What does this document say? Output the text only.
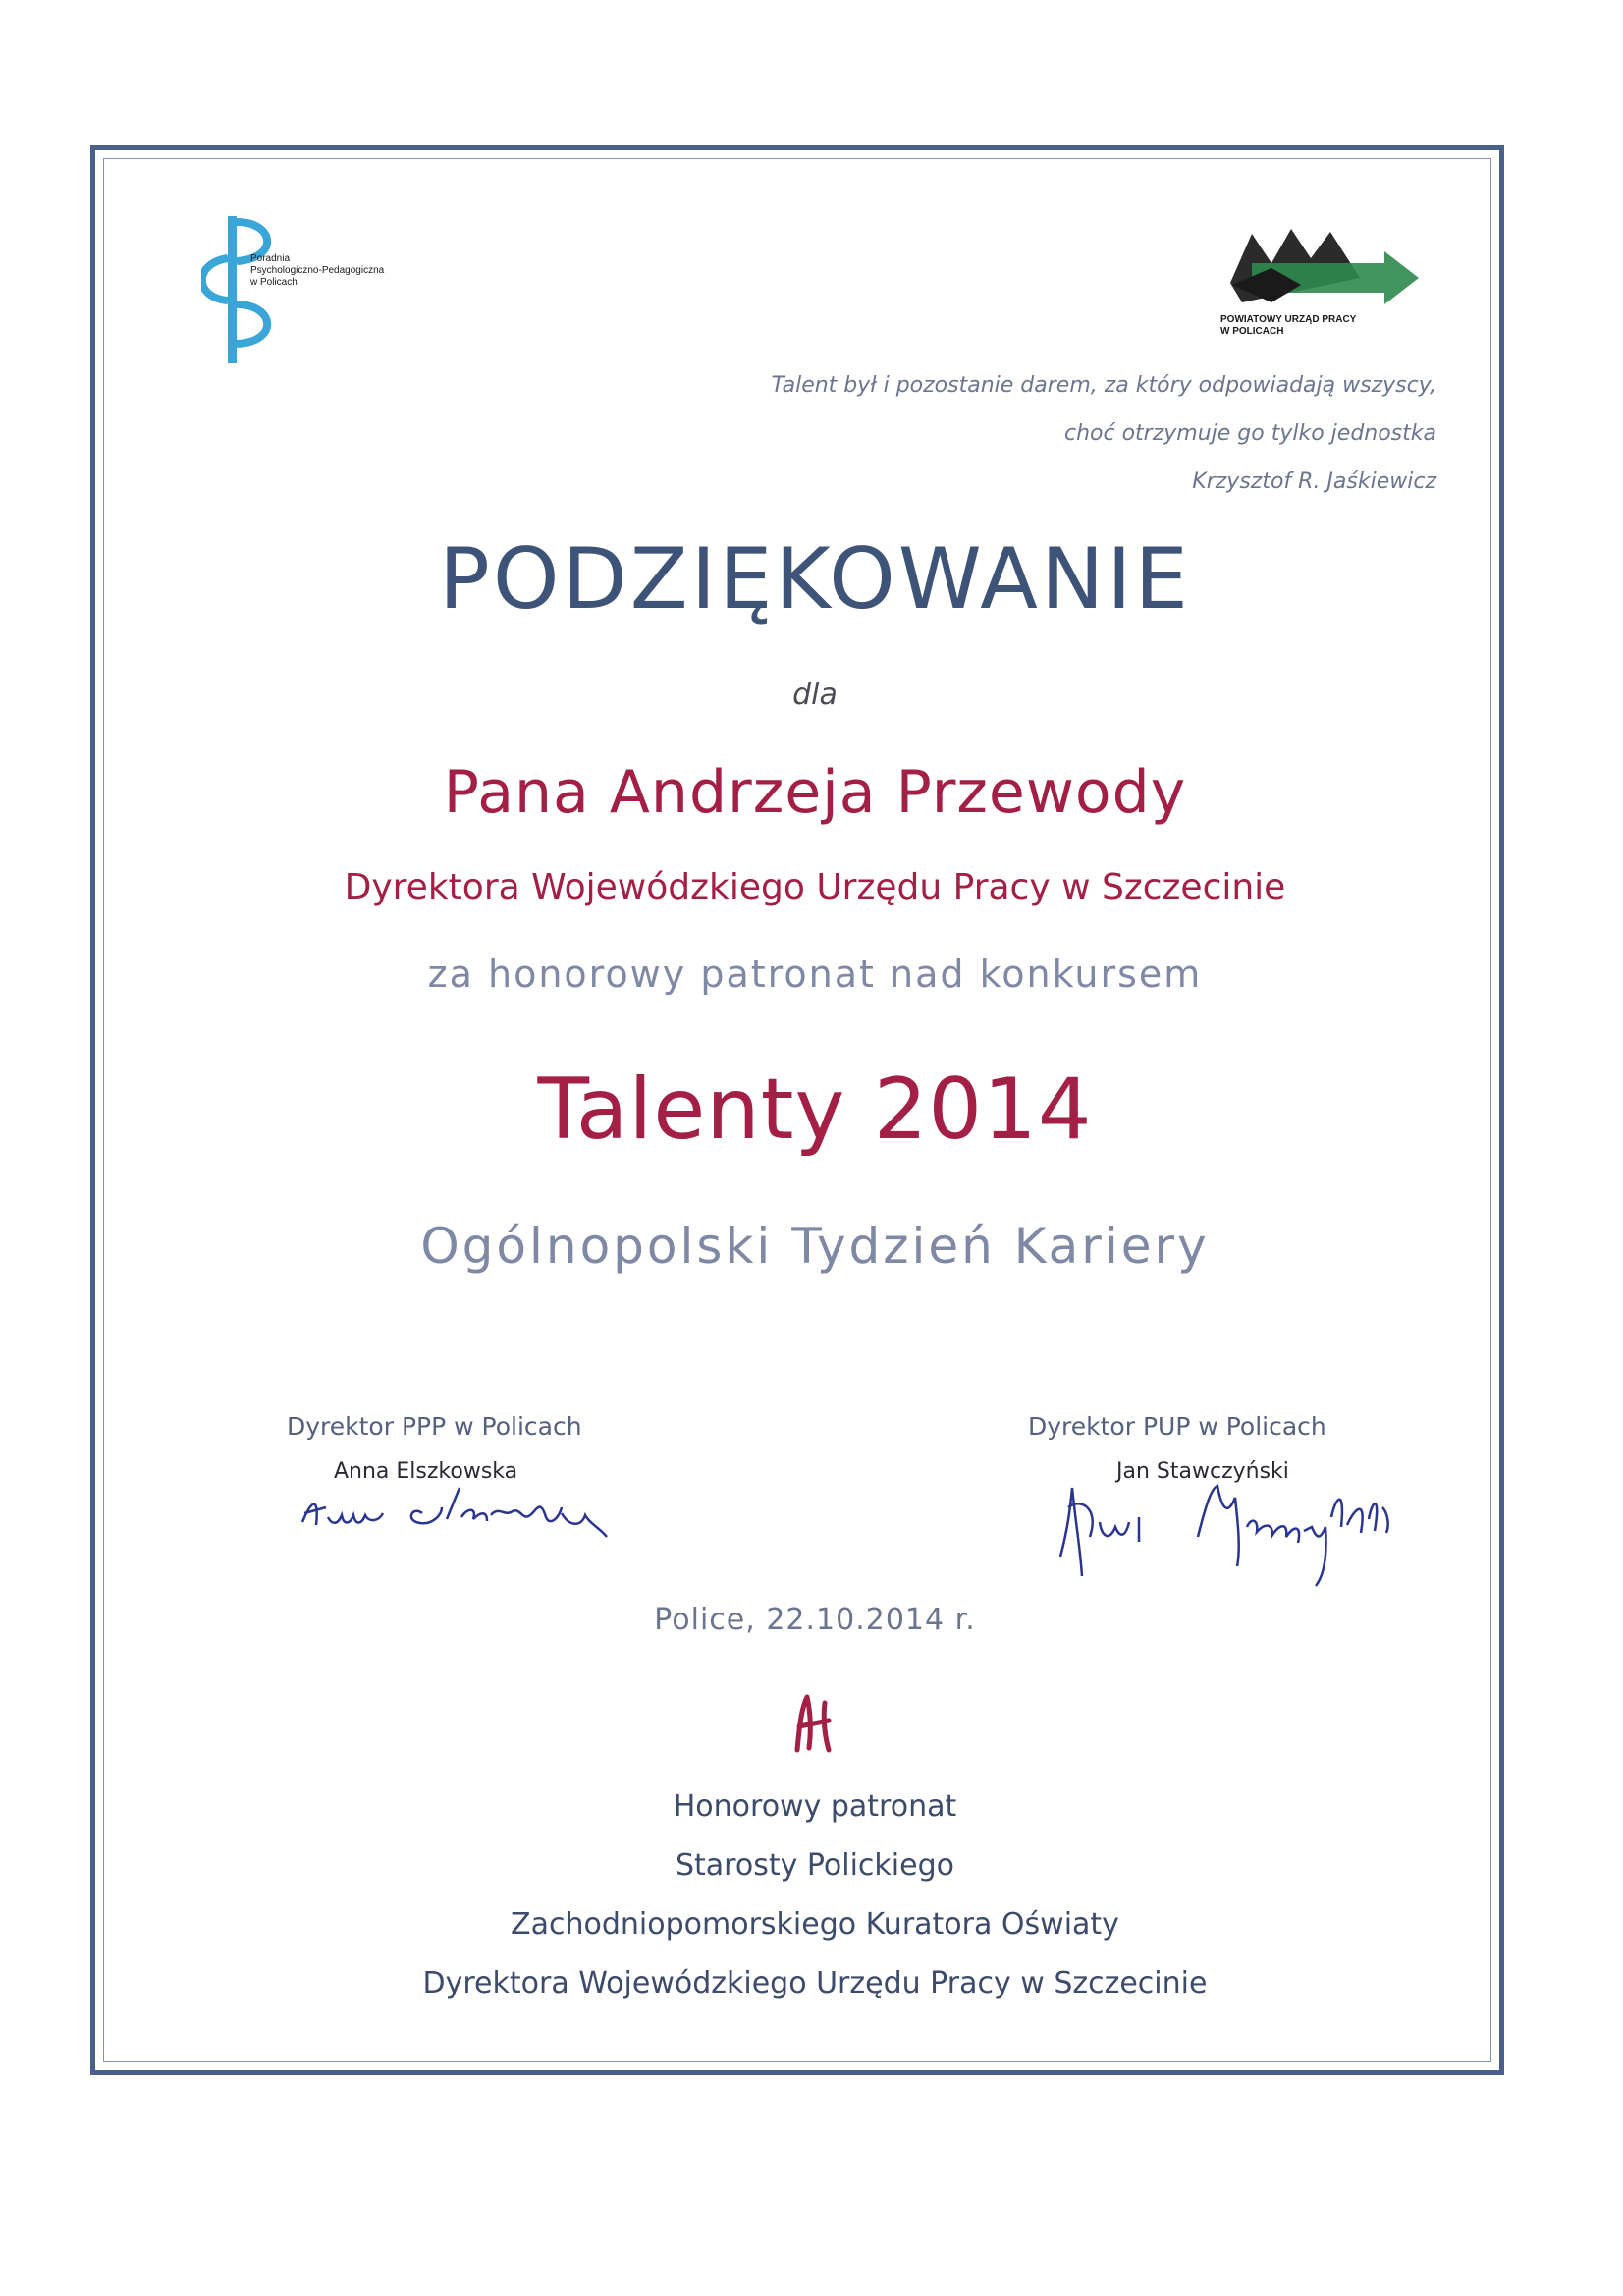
Poradnia
Psychologiczno-Pedagogiczna
w Policach
POWIATOWY URZĄD PRACY
W POLICACH
Talent był i pozostanie darem, za który odpowiadają wszyscy,
choć otrzymuje go tylko jednostka
Krzysztof R. Jaśkiewicz
PODZIĘKOWANIE
dla
Pana Andrzeja Przewody
Dyrektora Wojewódzkiego Urzędu Pracy w Szczecinie
za honorowy patronat nad konkursem
Talenty 2014
Ogólnopolski Tydzień Kariery
Dyrektor PPP w Policach
Anna Elszkowska
Dyrektor PUP w Policach
Jan Stawczyński
Police, 22.10.2014 r.
Honorowy patronat
Starosty Polickiego
Zachodniopomorskiego Kuratora Oświaty
Dyrektora Wojewódzkiego Urzędu Pracy w Szczecinie
